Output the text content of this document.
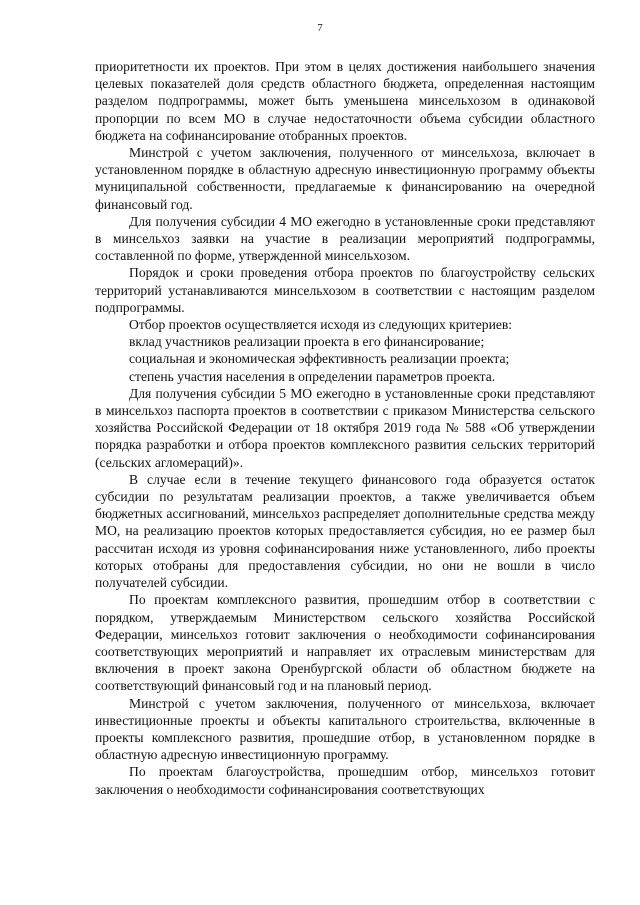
7

приоритетности их проектов. При этом в целях достижения наибольшего значения целевых показателей доля средств областного бюджета, определенная настоящим разделом подпрограммы, может быть уменьшена минсельхозом в одинаковой пропорции по всем МО в случае недостаточности объема субсидии областного бюджета на софинансирование отобранных проектов.

Минстрой с учетом заключения, полученного от минсельхоза, включает в установленном порядке в областную адресную инвестиционную программу объекты муниципальной собственности, предлагаемые к финансированию на очередной финансовый год.

Для получения субсидии 4 МО ежегодно в установленные сроки представляют в минсельхоз заявки на участие в реализации мероприятий подпрограммы, составленной по форме, утвержденной минсельхозом.

Порядок и сроки проведения отбора проектов по благоустройству сельских территорий устанавливаются минсельхозом в соответствии с настоящим разделом подпрограммы.

Отбор проектов осуществляется исходя из следующих критериев:

вклад участников реализации проекта в его финансирование;

социальная и экономическая эффективность реализации проекта;

степень участия населения в определении параметров проекта.

Для получения субсидии 5 МО ежегодно в установленные сроки представляют в минсельхоз паспорта проектов в соответствии с приказом Министерства сельского хозяйства Российской Федерации от 18 октября 2019 года № 588 «Об утверждении порядка разработки и отбора проектов комплексного развития сельских территорий (сельских агломераций)».

В случае если в течение текущего финансового года образуется остаток субсидии по результатам реализации проектов, а также увеличивается объем бюджетных ассигнований, минсельхоз распределяет дополнительные средства между МО, на реализацию проектов которых предоставляется субсидия, но ее размер был рассчитан исходя из уровня софинансирования ниже установленного, либо проекты которых отобраны для предоставления субсидии, но они не вошли в число получателей субсидии.

По проектам комплексного развития, прошедшим отбор в соответствии с порядком, утверждаемым Министерством сельского хозяйства Российской Федерации, минсельхоз готовит заключения о необходимости софинансирования соответствующих мероприятий и направляет их отраслевым министерствам для включения в проект закона Оренбургской области об областном бюджете на соответствующий финансовый год и на плановый период.

Минстрой с учетом заключения, полученного от минсельхоза, включает инвестиционные проекты и объекты капитального строительства, включенные в проекты комплексного развития, прошедшие отбор, в установленном порядке в областную адресную инвестиционную программу.

По проектам благоустройства, прошедшим отбор, минсельхоз готовит заключения о необходимости софинансирования соответствующих
